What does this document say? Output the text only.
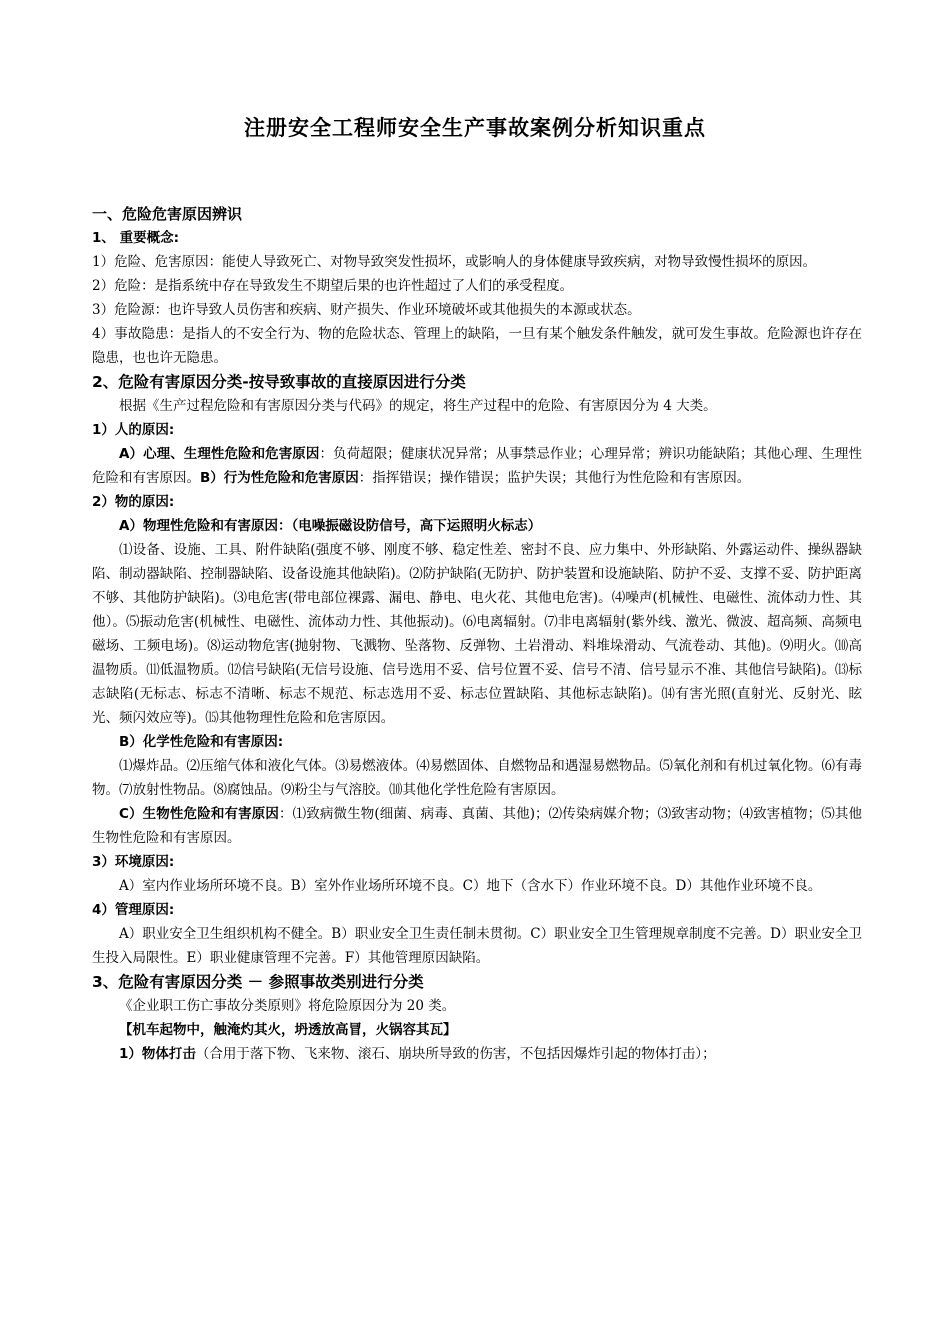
注册安全工程师安全生产事故案例分析知识重点
一、危险危害原因辨识
1、 重要概念:
1）危险、危害原因：能使人导致死亡、对物导致突发性损坏，或影响人的身体健康导致疾病，对物导致慢性损坏的原因。
2）危险：是指系统中存在导致发生不期望后果的也许性超过了人们的承受程度。
3）危险源：也许导致人员伤害和疾病、财产损失、作业环境破坏或其他损失的本源或状态。
4）事故隐患：是指人的不安全行为、物的危险状态、管理上的缺陷，一旦有某个触发条件触发，就可发生事故。危险源也许存在隐患，也也许无隐患。
2、危险有害原因分类-按导致事故的直接原因进行分类
根据《生产过程危险和有害原因分类与代码》的规定，将生产过程中的危险、有害原因分为 4 大类。
1）人的原因:
A）心理、生理性危险和危害原因：负荷超限；健康状况异常；从事禁忌作业；心理异常；辨识功能缺陷；其他心理、生理性危险和有害原因。B）行为性危险和危害原因：指挥错误；操作错误；监护失误；其他行为性危险和有害原因。
2）物的原因:
A）物理性危险和有害原因：（电噪振磁设防信号，高下运照明火标志）
⑴设备、设施、工具、附件缺陷(强度不够、刚度不够、稳定性差、密封不良、应力集中、外形缺陷、外露运动件、操纵器缺陷、制动器缺陷、控制器缺陷、设备设施其他缺陷)。⑵防护缺陷(无防护、防护装置和设施缺陷、防护不妥、支撑不妥、防护距离不够、其他防护缺陷)。⑶电危害(带电部位裸露、漏电、静电、电火花、其他电危害)。⑷噪声(机械性、电磁性、流体动力性、其他）。⑸振动危害(机械性、电磁性、流体动力性、其他振动)。⑹电离辐射。⑺非电离辐射(紫外线、激光、微波、超高频、高频电磁场、工频电场)。⑻运动物危害(抛射物、飞溅物、坠落物、反弹物、土岩滑动、料堆垛滑动、气流卷动、其他)。⑼明火。⑽高温物质。⑾低温物质。⑿信号缺陷(无信号设施、信号选用不妥、信号位置不妥、信号不清、信号显示不准、其他信号缺陷)。⒀标志缺陷(无标志、标志不清晰、标志不规范、标志选用不妥、标志位置缺陷、其他标志缺陷)。⒁有害光照(直射光、反射光、眩光、频闪效应等)。⒂其他物理性危险和危害原因。
B）化学性危险和有害原因:
⑴爆炸品。⑵压缩气体和液化气体。⑶易燃液体。⑷易燃固体、自燃物品和遇湿易燃物品。⑸氧化剂和有机过氧化物。⑹有毒物。⑺放射性物品。⑻腐蚀品。⑼粉尘与气溶胶。⑽其他化学性危险有害原因。
C）生物性危险和有害原因：⑴致病微生物(细菌、病毒、真菌、其他)；⑵传染病媒介物；⑶致害动物；⑷致害植物；⑸其他生物性危险和有害原因。
3）环境原因:
A）室内作业场所环境不良。B）室外作业场所环境不良。C）地下（含水下）作业环境不良。D）其他作业环境不良。
4）管理原因:
A）职业安全卫生组织机构不健全。B）职业安全卫生责任制未贯彻。C）职业安全卫生管理规章制度不完善。D）职业安全卫生投入局限性。E）职业健康管理不完善。F）其他管理原因缺陷。
3、危险有害原因分类 － 参照事故类别进行分类
《企业职工伤亡事故分类原则》将危险原因分为 20 类。
【机车起物中，触淹灼其火，坍透放高冒，火锅容其瓦】
1）物体打击（合用于落下物、飞来物、滚石、崩块所导致的伤害，不包括因爆炸引起的物体打击）；
